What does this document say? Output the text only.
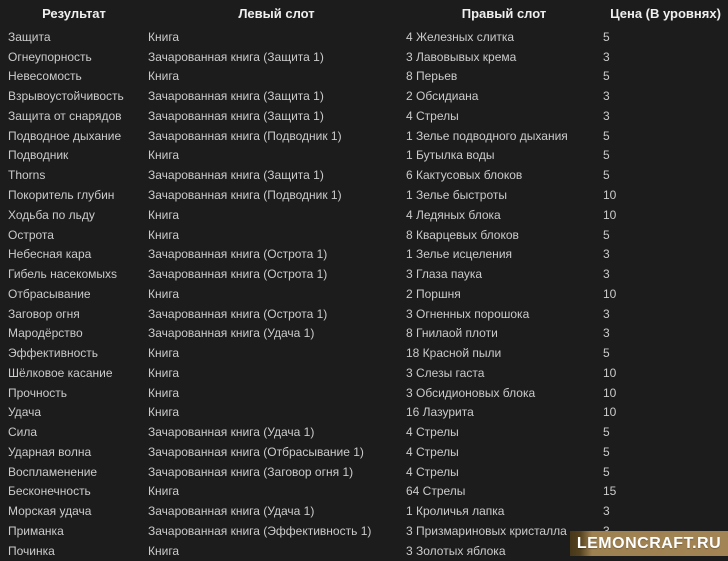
Результат	Левый слот	Правый слот	Цена (В уровнях)
Защита	Книга	4 Железных слитка	5
Огнеупорность	Зачарованная книга (Защита 1)	3 Лавовывых крема	3
Невесомость	Книга	8 Перьев	5
Взрывоустойчивость	Зачарованная книга (Защита 1)	2 Обсидиана	3
Защита от снарядов	Зачарованная книга (Защита 1)	4 Стрелы	3
Подводное дыхание	Зачарованная книга (Подводник 1)	1 Зелье подводного дыхания	5
Подводник	Книга	1 Бутылка воды	5
Thorns	Зачарованная книга (Защита 1)	6 Кактусовых блоков	5
Покоритель глубин	Зачарованная книга (Подводник 1)	1 Зелье быстроты	10
Ходьба по льду	Книга	4 Ледяных блока	10
Острота	Книга	8 Кварцевых блоков	5
Небесная кара	Зачарованная книга (Острота 1)	1 Зелье исцеления	3
Гибель насекомыхs	Зачарованная книга (Острота 1)	3 Глаза паука	3
Отбрасывание	Книга	2 Поршня	10
Заговор огня	Зачарованная книга (Острота 1)	3 Огненных порошока	3
Мародёрство	Зачарованная книга (Удача 1)	8 Гнилаой плоти	3
Эффективность	Книга	18 Красной пыли	5
Шёлковое касание	Книга	3 Слезы гаста	10
Прочность	Книга	3 Обсидионовых блока	10
Удача	Книга	16 Лазурита	10
Сила	Зачарованная книга (Удача 1)	4 Стрелы	5
Ударная волна	Зачарованная книга (Отбрасывание 1)	4 Стрелы	5
Воспламенение	Зачарованная книга (Заговор огня 1)	4 Стрелы	5
Бесконечность	Книга	64 Стрелы	15
Морская удача	Зачарованная книга (Удача 1)	1 Кроличья лапка	3
Приманка	Зачарованная книга (Эффективность 1)	3 Призмариновых кристалла
Починка	Книга	3 Золотых яблока	LEMONCRAFT.RU
